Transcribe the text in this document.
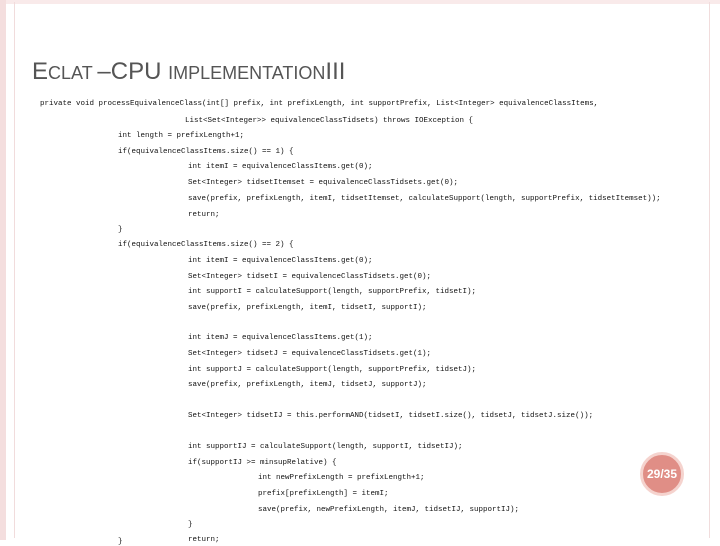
ECLAT –CPU IMPLEMENTATIONIII
private void processEquivalenceClass(int[] prefix, int prefixLength, int supportPrefix, List<Integer> equivalenceClassItems,
List<Set<Integer>> equivalenceClassTidsets) throws IOException {
int length = prefixLength+1;
if(equivalenceClassItems.size() == 1) {
int itemI = equivalenceClassItems.get(0);
Set<Integer> tidsetItemset = equivalenceClassTidsets.get(0);
save(prefix, prefixLength, itemI, tidsetItemset, calculateSupport(length, supportPrefix, tidsetItemset));
return;
}
if(equivalenceClassItems.size() == 2) {
int itemI = equivalenceClassItems.get(0);
Set<Integer> tidsetI = equivalenceClassTidsets.get(0);
int supportI = calculateSupport(length, supportPrefix, tidsetI);
save(prefix, prefixLength, itemI, tidsetI, supportI);
int itemJ = equivalenceClassItems.get(1);
Set<Integer> tidsetJ = equivalenceClassTidsets.get(1);
int supportJ = calculateSupport(length, supportPrefix, tidsetJ);
save(prefix, prefixLength, itemJ, tidsetJ, supportJ);
Set<Integer> tidsetIJ = this.performAND(tidsetI, tidsetI.size(), tidsetJ, tidsetJ.size());
int supportIJ = calculateSupport(length, supportI, tidsetIJ);
if(supportIJ >= minsupRelative) {
int newPrefixLength = prefixLength+1;
prefix[prefixLength] = itemI;
save(prefix, newPrefixLength, itemJ, tidsetIJ, supportIJ);
}
return;
}
29/35
